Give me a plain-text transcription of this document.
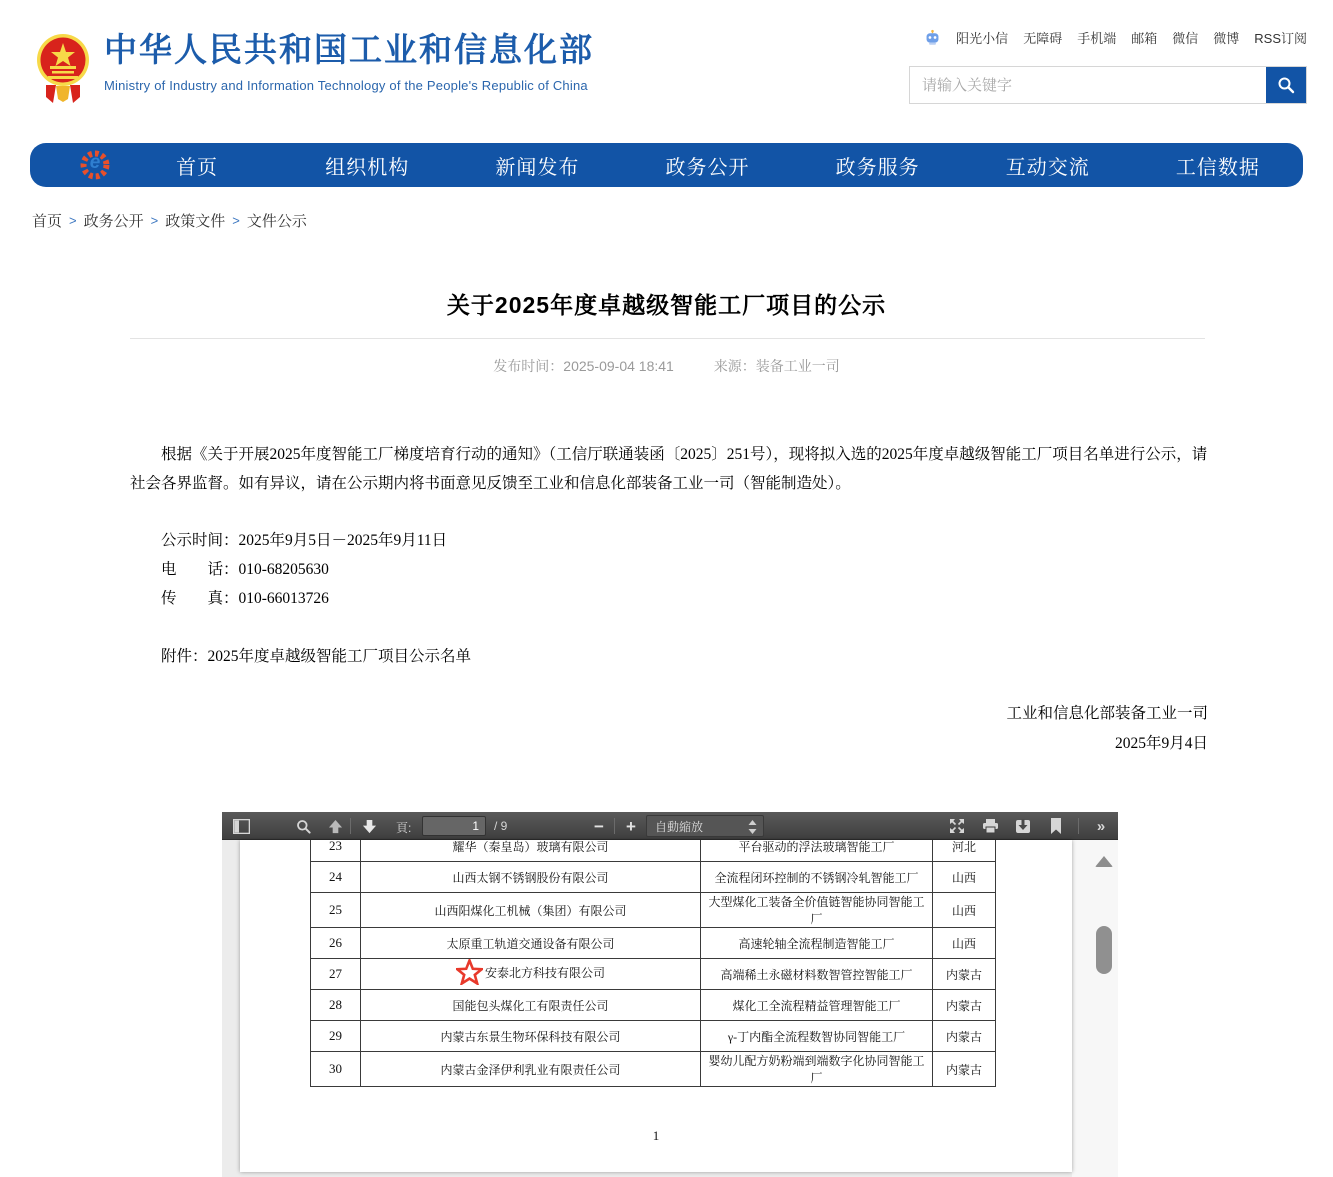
中华人民共和国工业和信息化部
Ministry of Industry and Information Technology of the People's Republic of China
阳光小信 无障碍 手机端 邮箱 微信 微博 RSS订阅
请输入关键字
e	首页	组织机构	新闻发布	政务公开	政务服务	互动交流	工信数据
首页 > 政务公开 > 政策文件 > 文件公示
关于2025年度卓越级智能工厂项目的公示
发布时间：2025-09-04 18:41	来源：装备工业一司

根据《关于开展2025年度智能工厂梯度培育行动的通知》（工信厅联通装函〔2025〕251号），现将拟入选的2025年度卓越级智能工厂项目名单进行公示，请社会各界监督。如有异议，请在公示期内将书面意见反馈至工业和信息化部装备工业一司（智能制造处）。

公示时间：2025年9月5日－2025年9月11日
电　　话：010-68205630
传　　真：010-66013726
附件：2025年度卓越级智能工厂项目公示名单
工业和信息化部装备工业一司
2025年9月4日
頁:
1	/ 9	− + 自動縮放	»
23	耀华（秦皇岛）玻璃有限公司	平台驱动的浮法玻璃智能工厂	河北
24	山西太钢不锈钢股份有限公司	全流程闭环控制的不锈钢冷轧智能工厂	山西
25	山西阳煤化工机械（集团）有限公司	大型煤化工装备全价值链智能协同智能工厂	山西
26	太原重工轨道交通设备有限公司	高速轮轴全流程制造智能工厂	山西
27	安泰北方科技有限公司	高端稀土永磁材料数智管控智能工厂	内蒙古
28	国能包头煤化工有限责任公司	煤化工全流程精益管理智能工厂	内蒙古
29	内蒙古东景生物环保科技有限公司	γ-丁内酯全流程数智协同智能工厂	内蒙古
30	内蒙古金泽伊利乳业有限责任公司	婴幼儿配方奶粉端到端数字化协同智能工厂	内蒙古
1
